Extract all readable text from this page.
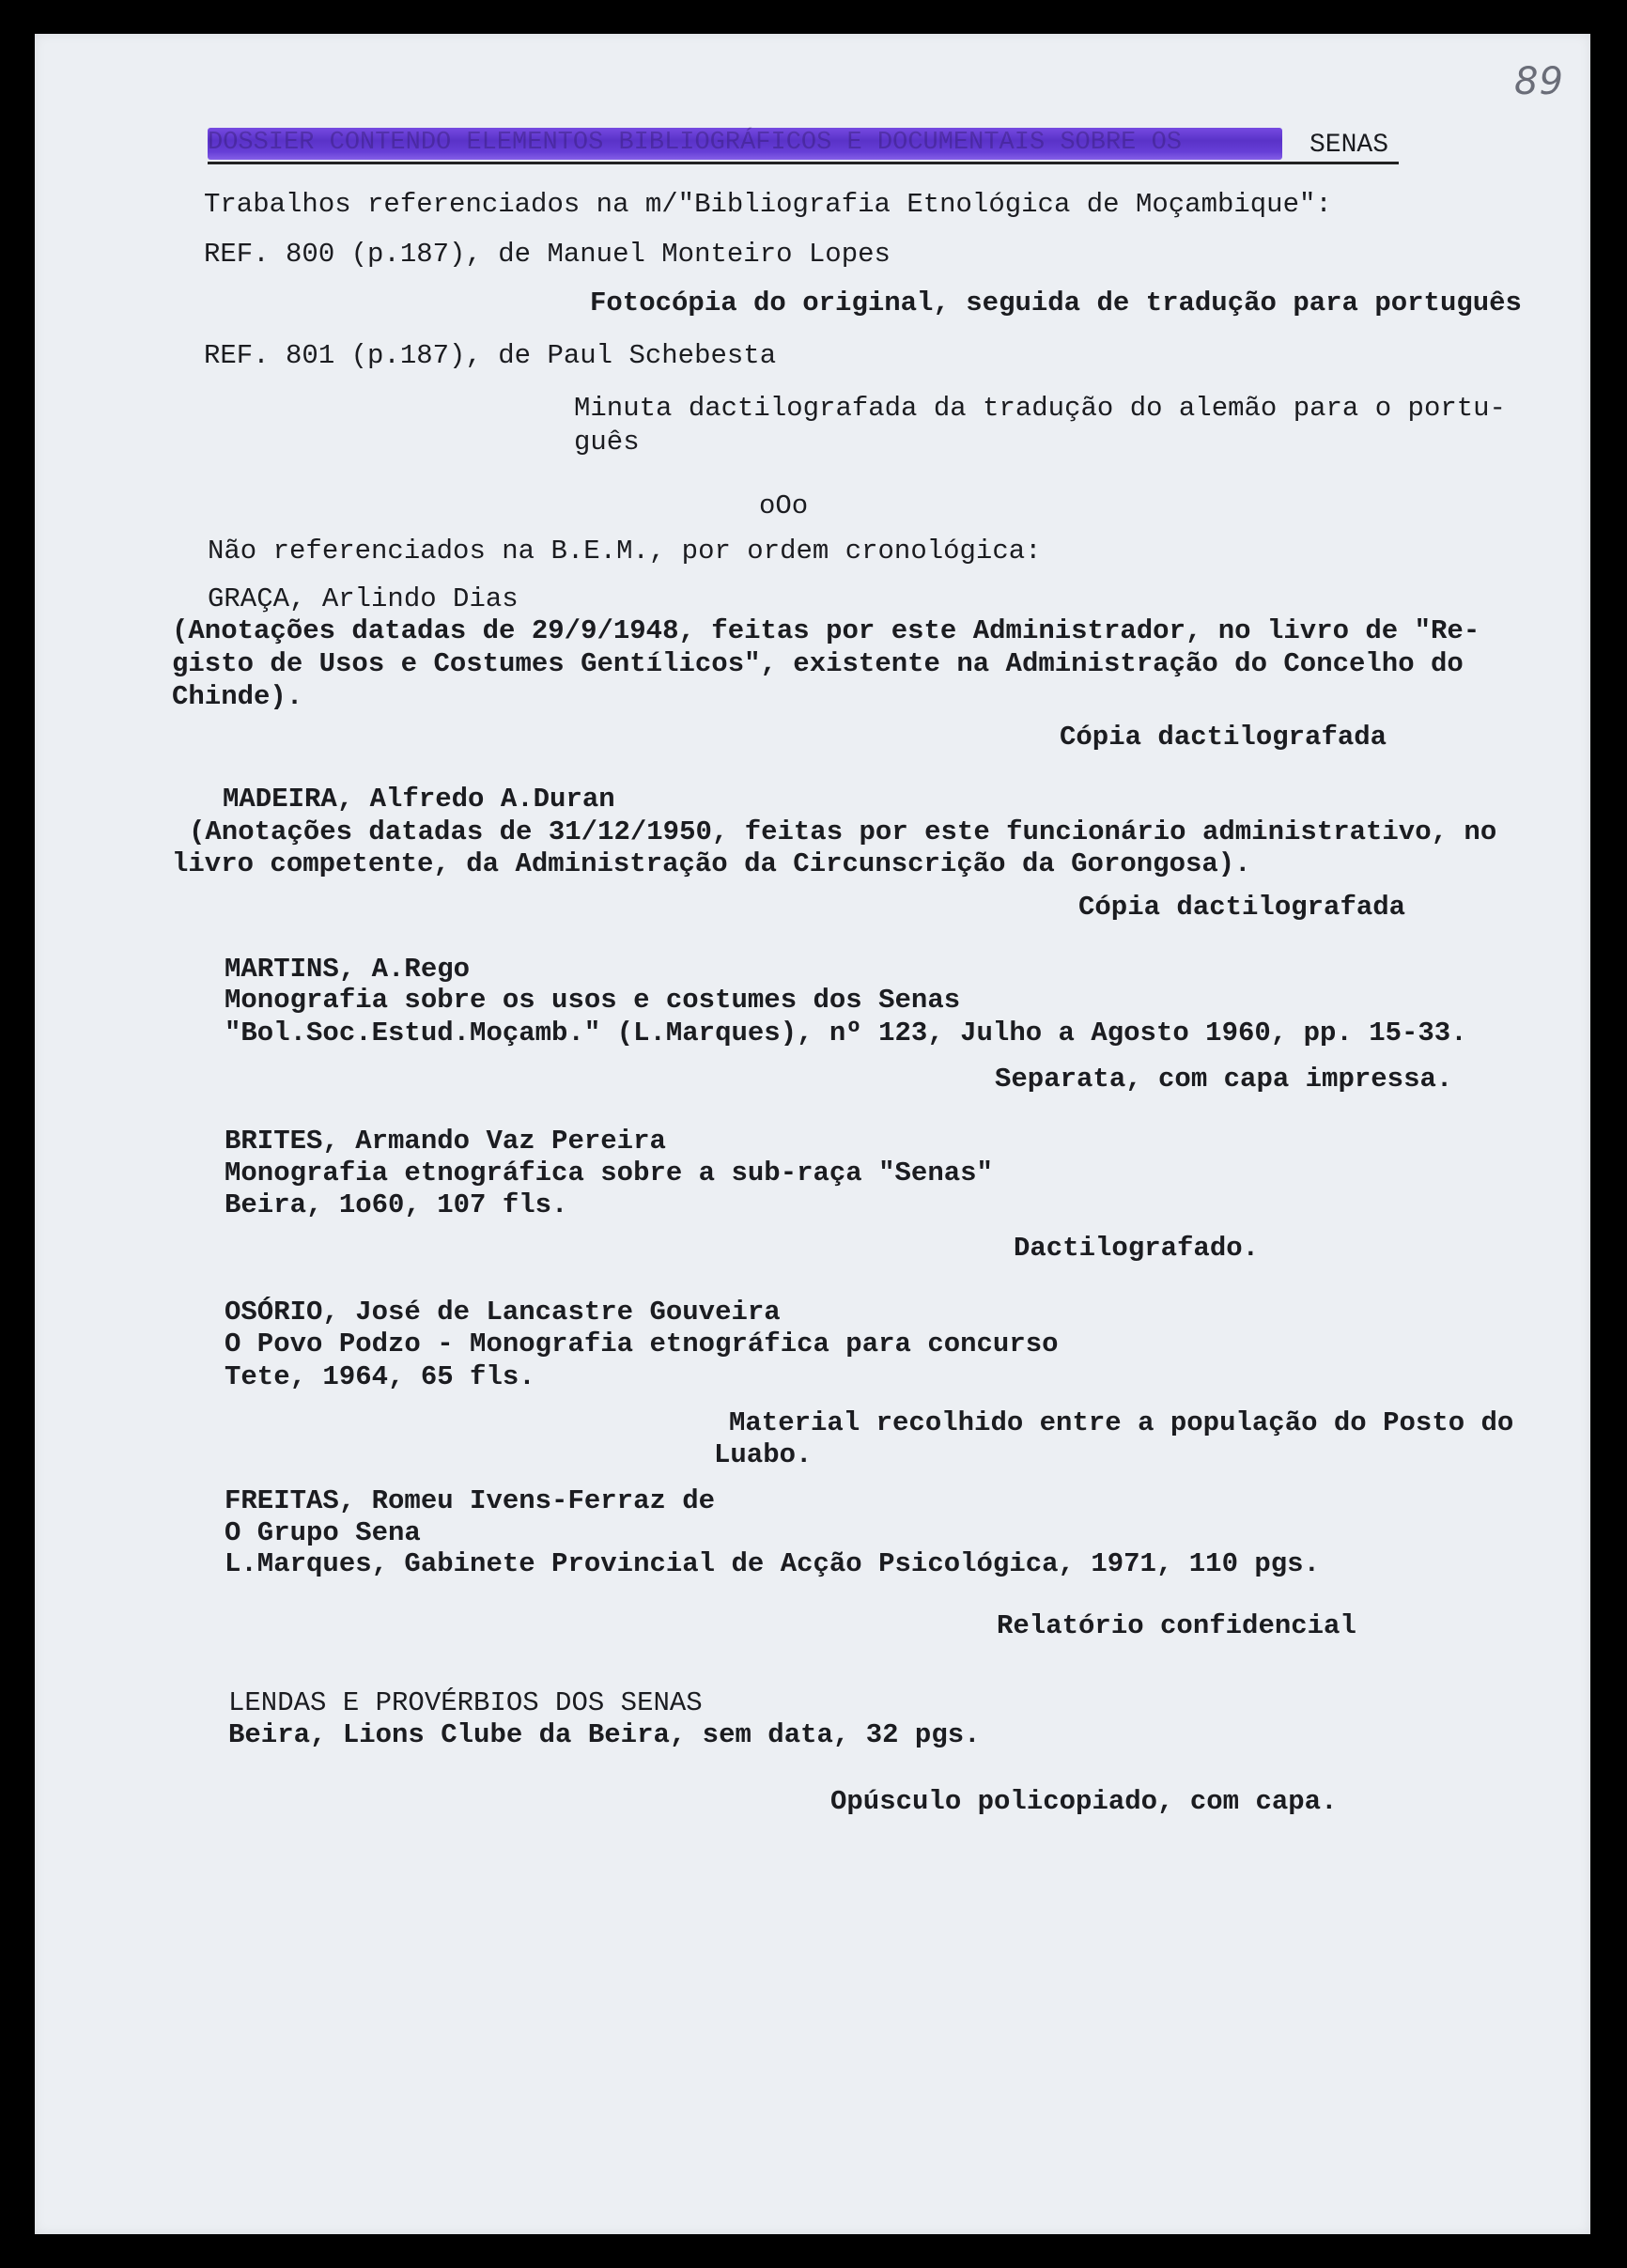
89
DOSSIER CONTENDO ELEMENTOS BIBLIOGRÁFICOS E DOCUMENTAIS SOBRE OS	SENAS
Trabalhos referenciados na m/"Bibliografia Etnológica de Moçambique":
REF. 800 (p.187), de Manuel Monteiro Lopes
Fotocópia do original, seguida de tradução para português
REF. 801 (p.187), de Paul Schebesta
Minuta dactilografada da tradução do alemão para o portu-
guês
oOo
Não referenciados na B.E.M., por ordem cronológica:
GRAÇA, Arlindo Dias
(Anotações datadas de 29/9/1948, feitas por este Administrador, no livro de "Re-
gisto de Usos e Costumes Gentílicos", existente na Administração do Concelho do
Chinde).
Cópia dactilografada
MADEIRA, Alfredo A.Duran
(Anotações datadas de 31/12/1950, feitas por este funcionário administrativo, no
livro competente, da Administração da Circunscrição da Gorongosa).
Cópia dactilografada
MARTINS, A.Rego
Monografia sobre os usos e costumes dos Senas
"Bol.Soc.Estud.Moçamb." (L.Marques), nº 123, Julho a Agosto 1960, pp. 15-33.
Separata, com capa impressa.
BRITES, Armando Vaz Pereira
Monografia etnográfica sobre a sub-raça "Senas"
Beira, 1o60, 107 fls.
Dactilografado.
OSÓRIO, José de Lancastre Gouveira
O Povo Podzo - Monografia etnográfica para concurso
Tete, 1964, 65 fls.
Material recolhido entre a população do Posto do
Luabo.
FREITAS, Romeu Ivens-Ferraz de
O Grupo Sena
L.Marques, Gabinete Provincial de Acção Psicológica, 1971, 110 pgs.
Relatório confidencial
LENDAS E PROVÉRBIOS DOS SENAS
Beira, Lions Clube da Beira, sem data, 32 pgs.
Opúsculo policopiado, com capa.
